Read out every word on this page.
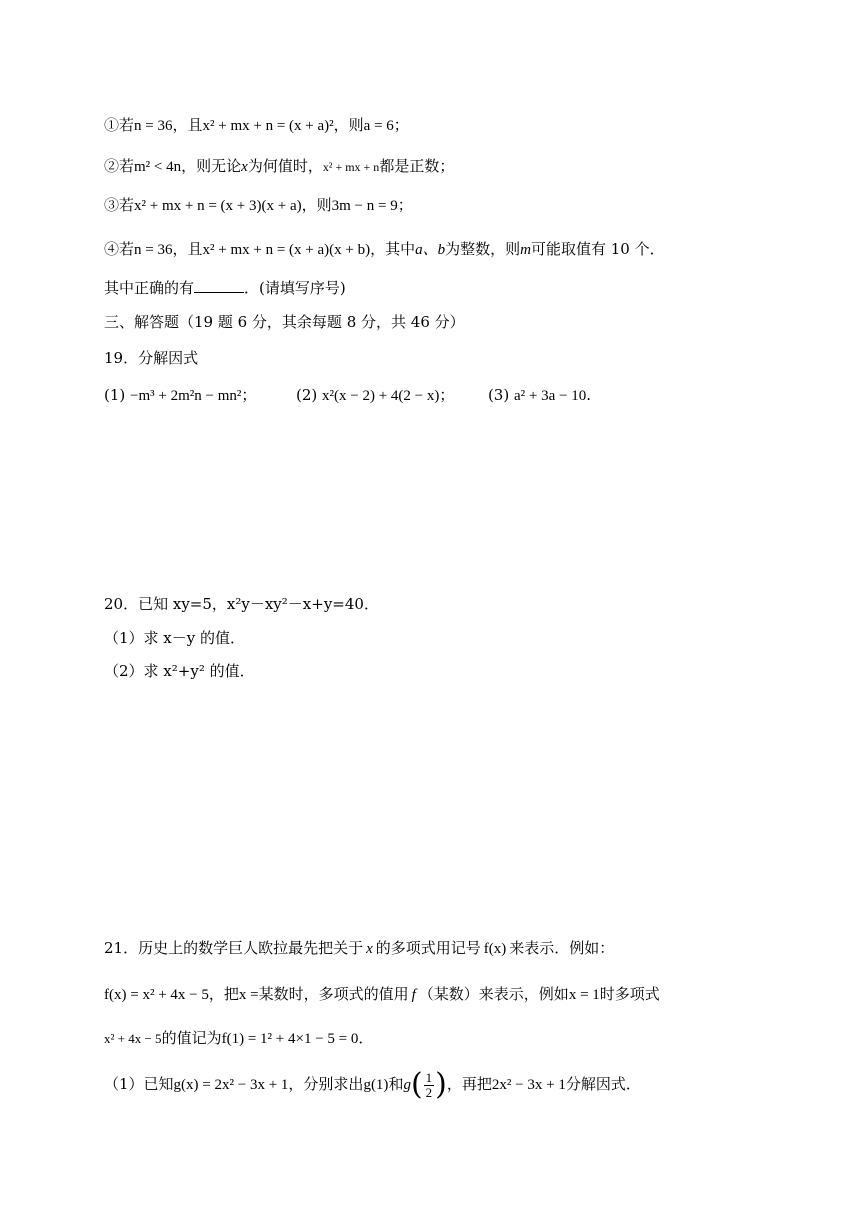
①若n = 36，且x² + mx + n = (x + a)²，则a = 6；
②若m² < 4n，则无论x为何值时，x² + mx + n都是正数；
③若x² + mx + n = (x + 3)(x + a)，则3m − n = 9；
④若n = 36，且x² + mx + n = (x + a)(x + b)，其中a、b为整数，则m可能取值有 10 个．
其中正确的有	．(请填写序号)
三、解答题（19 题 6 分，其余每题 8 分，共 46 分）
19．分解因式
(1) −m³ + 2m²n − mn²；	(2) x²(x − 2) + 4(2 − x)； (3) a² + 3a − 10.
20．已知 xy=5，x²y－xy²－x+y=40．
（1）求 x－y 的值．
（2）求 x²+y² 的值．
21．历史上的数学巨人欧拉最先把关于 x 的多项式用记号 f(x) 来表示．例如：
f(x) = x² + 4x − 5，把x =某数时，多项式的值用 f （某数）来表示，例如x = 1时多项式
x² + 4x − 5的值记为f(1) = 1² + 4×1 − 5 = 0．
（1）已知g(x) = 2x² − 3x + 1，分别求出g(1)和$g( \frac{1}{2}$ )，再把2x² − 3x + 1分解因式．
